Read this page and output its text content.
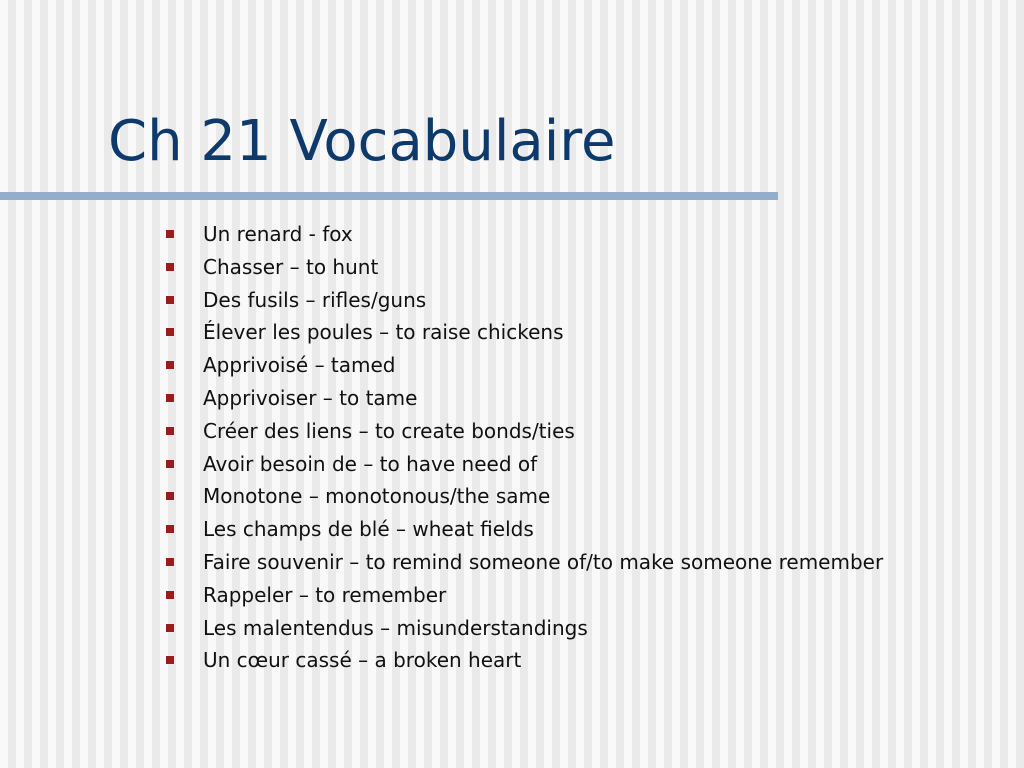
Ch 21 Vocabulaire
Un renard - fox
Chasser – to hunt
Des fusils – rifles/guns
Élever les poules – to raise chickens
Apprivoisé – tamed
Apprivoiser – to tame
Créer des liens – to create bonds/ties
Avoir besoin de – to have need of
Monotone – monotonous/the same
Les champs de blé – wheat fields
Faire souvenir – to remind someone of/to make someone remember
Rappeler – to remember
Les malentendus – misunderstandings
Un cœur cassé – a broken heart
